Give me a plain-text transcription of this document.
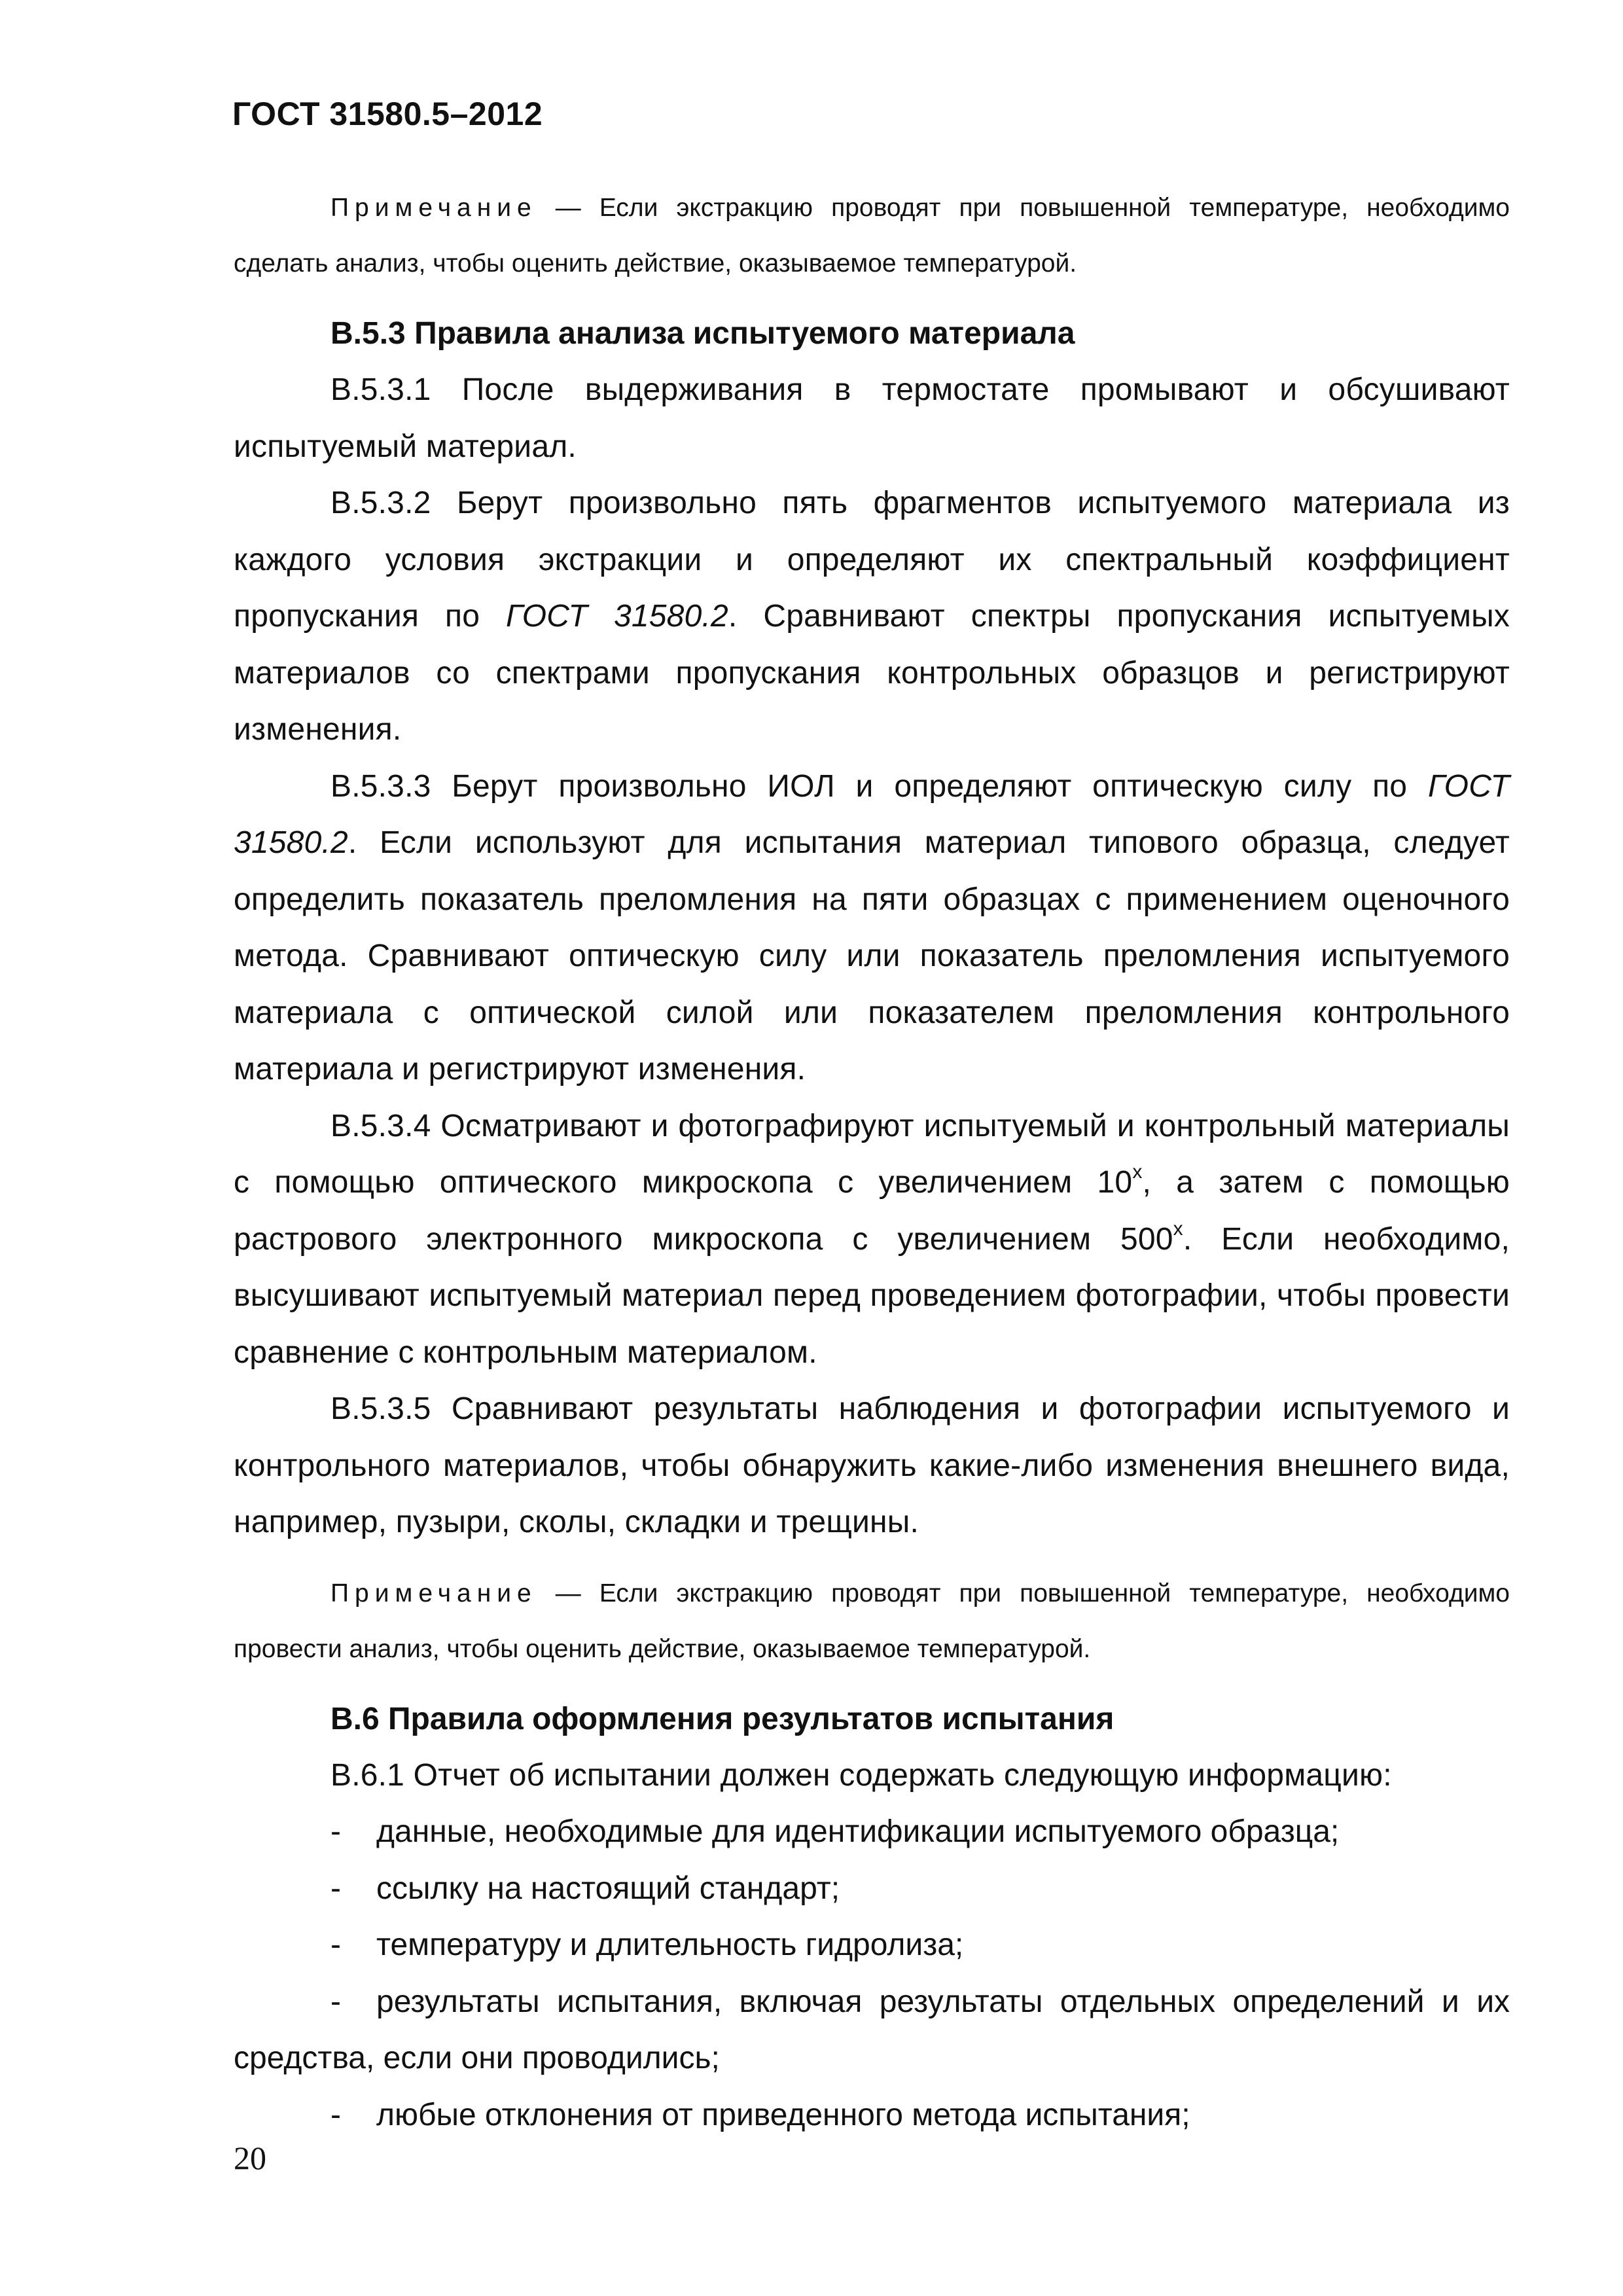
ГОСТ 31580.5–2012

Примечание — Если экстракцию проводят при повышенной температуре, необходимо сделать анализ, чтобы оценить действие, оказываемое температурой.

В.5.3 Правила анализа испытуемого материала

В.5.3.1 После выдерживания в термостате промывают и обсушивают испытуемый материал.

В.5.3.2 Берут произвольно пять фрагментов испытуемого материала из каждого условия экстракции и определяют их спектральный коэффициент пропускания по ГОСТ 31580.2. Сравнивают спектры пропускания испытуемых материалов со спектрами пропускания контрольных образцов и регистрируют изменения.

В.5.3.3 Берут произвольно ИОЛ и определяют оптическую силу по ГОСТ 31580.2. Если используют для испытания материал типового образца, следует определить показатель преломления на пяти образцах с применением оценочного метода. Сравнивают оптическую силу или показатель преломления испытуемого материала с оптической силой или показателем преломления контрольного материала и регистрируют изменения.

В.5.3.4 Осматривают и фотографируют испытуемый и контрольный материалы с помощью оптического микроскопа с увеличением 10$^x$, а затем с помощью растрового электронного микроскопа с увеличением 500$^x$. Если необходимо, высушивают испытуемый материал перед проведением фотографии, чтобы провести сравнение с контрольным материалом.

В.5.3.5 Сравнивают результаты наблюдения и фотографии испытуемого и контрольного материалов, чтобы обнаружить какие-либо изменения внешнего вида, например, пузыри, сколы, складки и трещины.

Примечание — Если экстракцию проводят при повышенной температуре, необходимо провести анализ, чтобы оценить действие, оказываемое температурой.

В.6 Правила оформления результатов испытания

В.6.1 Отчет об испытании должен содержать следующую информацию:

- данные, необходимые для идентификации испытуемого образца;

- ссылку на настоящий стандарт;

- температуру и длительность гидролиза;

- результаты испытания, включая результаты отдельных определений и их средства, если они проводились;

- любые отклонения от приведенного метода испытания;

20
